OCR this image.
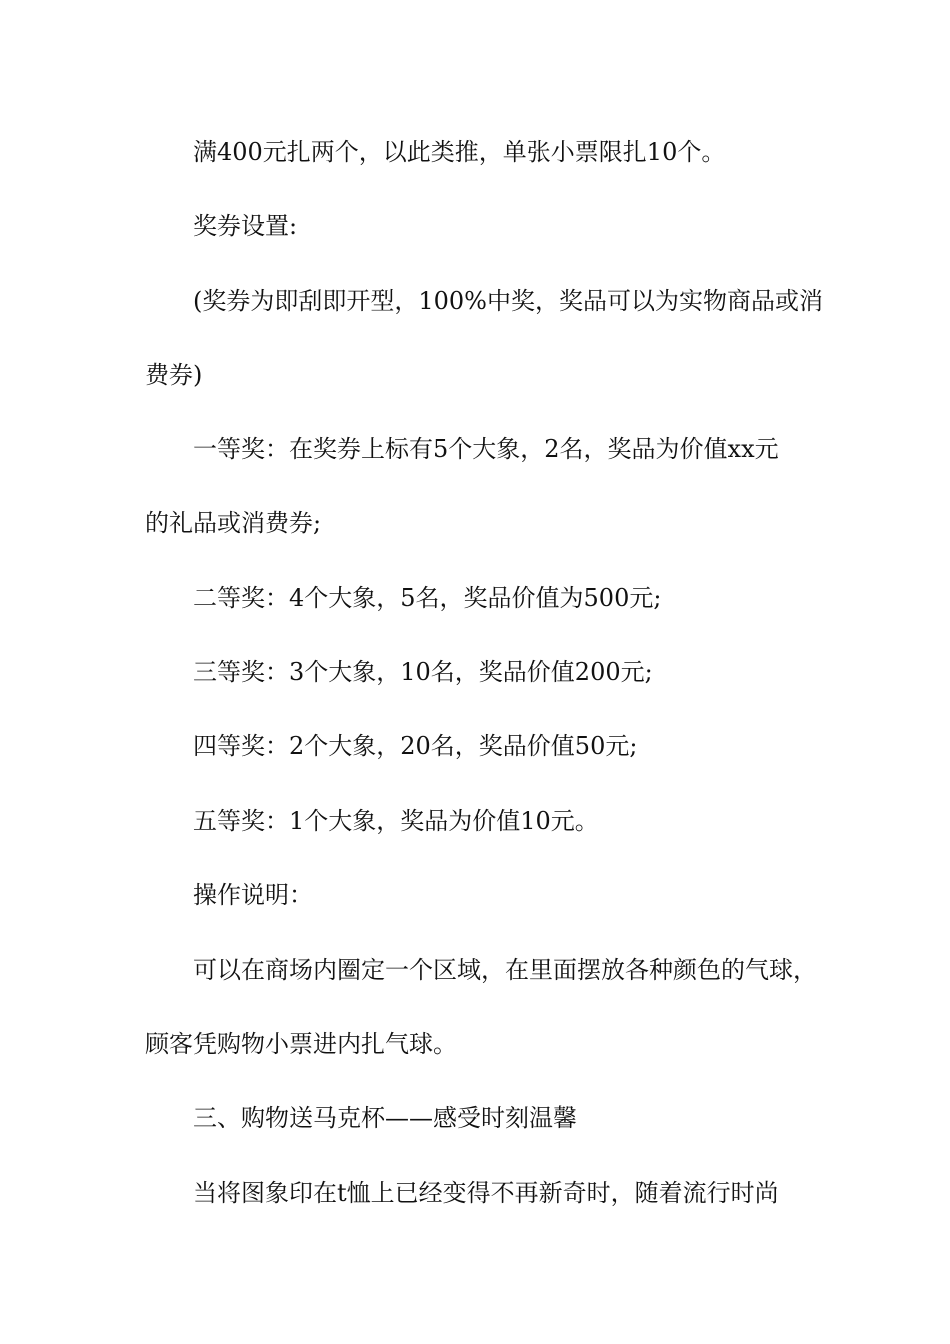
满400元扎两个，以此类推，单张小票限扎10个。

奖券设置:

(奖券为即刮即开型，100%中奖，奖品可以为实物商品或消

费券)

一等奖：在奖券上标有5个大象，2名，奖品为价值xx元

的礼品或消费券;

二等奖：4个大象，5名，奖品价值为500元;

三等奖：3个大象，10名，奖品价值200元;

四等奖：2个大象，20名，奖品价值50元;

五等奖：1个大象，奖品为价值10元。

操作说明：

可以在商场内圈定一个区域，在里面摆放各种颜色的气球，

顾客凭购物小票进内扎气球。

三、购物送马克杯——感受时刻温馨

当将图象印在t恤上已经变得不再新奇时，随着流行时尚
